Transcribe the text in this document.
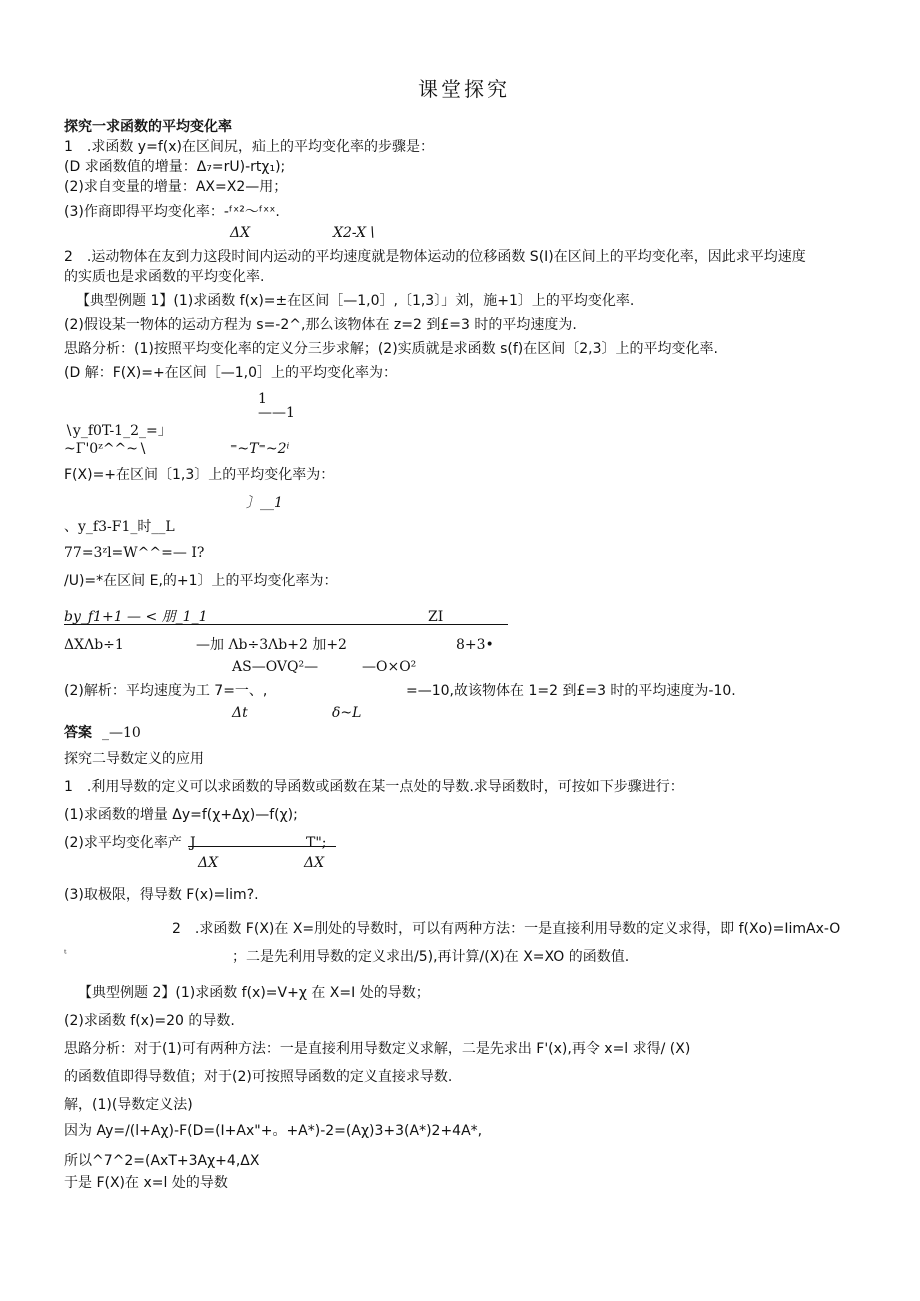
课堂探究
探究一求函数的平均变化率
1　.求函数 y=f(x)在区间尻，疝上的平均变化率的步骤是：
(D 求函数值的增量：Δ₇=rU)-rtχ₁);
(2)求自变量的增量：AX=X2—用；
(3)作商即得平均变化率：-ᶠˣ²～ᶠˣˣ.
ΔX	X2-X∖
2　.运动物体在友到力这段时间内运动的平均速度就是物体运动的位移函数 S(I)在区间上的平均变化率，因此求平均速度
的实质也是求函数的平均变化率.
【典型例题 1】(1)求函数 f(x)=±在区间［—1,0］,〔1,3〕」刘，施+1〕上的平均变化率.
(2)假设某一物体的运动方程为 s=-2^,那么该物体在 z=2 到£=3 时的平均速度为.
思路分析：(1)按照平均变化率的定义分三步求解；(2)实质就是求函数 s(f)在区间〔2,3〕上的平均变化率.
(D 解：F(X)=+在区间［—1,0］上的平均变化率为：
1
——1
∖y_f0T-1_2_=」
~Γ'0ᶻ^^~∖	⁼~T⁼~2ⁱ
F(X)=+在区间〔1,3〕上的平均变化率为：
〕__1
、y_f3-F1_时__L
77=3ᶻl=W^^=— I?
/U)=*在区间 E,的+1〕上的平均变化率为：
by_f1+1 — < 朋_1_1	ZI
ΔXΛb÷1	—加 Λb÷3Λb+2 加+2	8+3•
AS—OVQ²—	—O×O²
(2)解析：平均速度为工 7=一、,	=—10,故该物体在 1=2 到£=3 时的平均速度为-10.
Δt	δ~L
答案 _—10
探究二导数定义的应用
1　.利用导数的定义可以求函数的导函数或函数在某一点处的导数.求导函数时，可按如下步骤进行：
(1)求函数的增量 Δy=f(χ+Δχ)—f(χ);
(2)求平均变化率产 J	T";
ΔX	ΔX
(3)取极限，得导数 F(x)=lim?.
2　.求函数 F(X)在 X=刖处的导数时，可以有两种方法：一是直接利用导数的定义求得，即 f(Xo)=IimAx-O
ᵗ	；二是先利用导数的定义求出/5),再计算/(X)在 X=XO 的函数值.
【典型例题 2】(1)求函数 f(x)=V+χ 在 X=I 处的导数；
(2)求函数 f(x)=20 的导数.
思路分析：对于(1)可有两种方法：一是直接利用导数定义求解，二是先求出 F'(x),再令 x=l 求得/ (X)
的函数值即得导数值；对于(2)可按照导函数的定义直接求导数.
解，(1)(导数定义法)
因为 Ay=/(l+Aχ)-F(D=(I+Ax"+。+A*)-2=(Aχ)3+3(A*)2+4A*,
所以^7^2=(AxT+3Aχ+4,ΔX
于是 F(X)在 x=l 处的导数
